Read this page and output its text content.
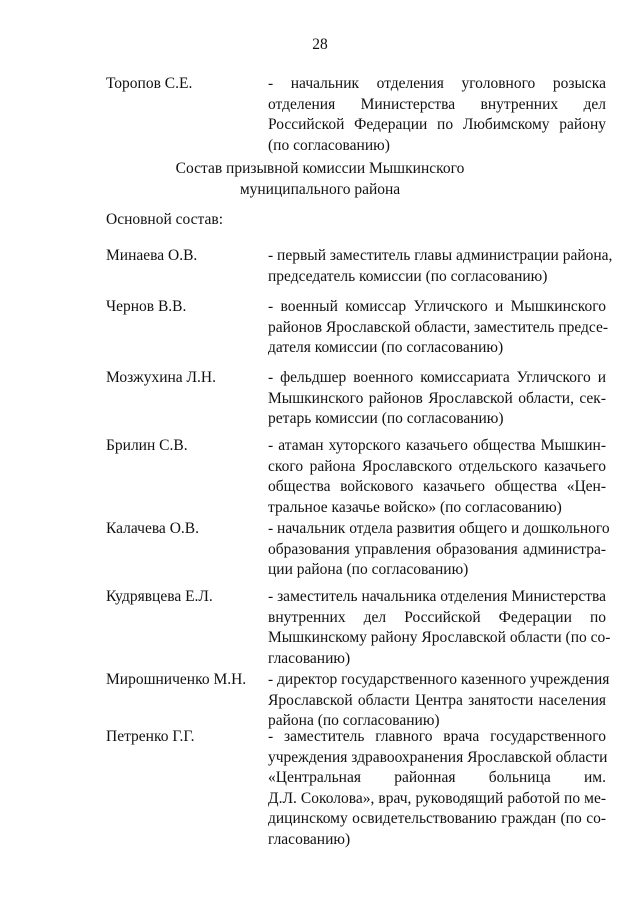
28
Торопов С.Е.	- начальник отделения уголовного розыска
отделения Министерства внутренних дел
Российской Федерации по Любимскому району
(по согласованию)
Состав призывной комиссии Мышкинского
муниципального района
Основной состав:
Минаева О.В.	- первый заместитель главы администрации района,
председатель комиссии (по согласованию)
Чернов В.В.	- военный комиссар Угличского и Мышкинского
районов Ярославской области, заместитель предсе-
дателя комиссии (по согласованию)
Мозжухина Л.Н.	- фельдшер военного комиссариата Угличского и
Мышкинского районов Ярославской области, сек-
ретарь комиссии (по согласованию)
Брилин С.В.	- атаман хуторского казачьего общества Мышкин-
ского района Ярославского отдельского казачьего
общества войскового казачьего общества «Цен-
тральное казачье войско» (по согласованию)
Калачева О.В.	- начальник отдела развития общего и дошкольного
образования управления образования администра-
ции района (по согласованию)
Кудрявцева Е.Л.	- заместитель начальника отделения Министерства
внутренних дел Российской Федерации по
Мышкинскому району Ярославской области (по со-
гласованию)
Мирошниченко М.Н. - директор государственного казенного учреждения
Ярославской области Центра занятости населения
района (по согласованию)
Петренко Г.Г.	- заместитель главного врача государственного
учреждения здравоохранения Ярославской области
«Центральная районная больница им.
Д.Л. Соколова», врач, руководящий работой по ме-
дицинскому освидетельствованию граждан (по со-
гласованию)
